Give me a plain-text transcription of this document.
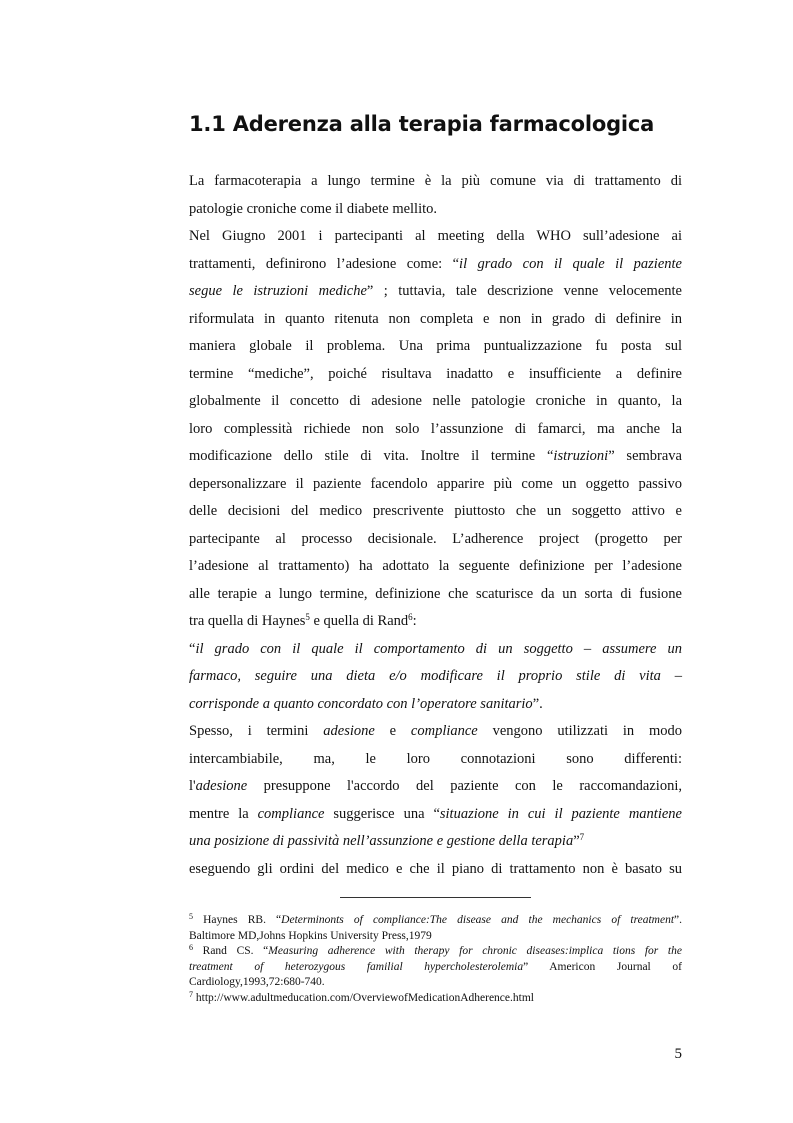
1.1 Aderenza alla terapia farmacologica
La farmacoterapia a lungo termine è la più comune via di trattamento di
patologie croniche come il diabete mellito.
Nel Giugno 2001 i partecipanti al meeting della WHO sull’adesione ai
trattamenti, definirono l’adesione come: “il grado con il quale il paziente
segue le istruzioni mediche” ; tuttavia, tale descrizione venne velocemente
riformulata in quanto ritenuta non completa e non in grado di definire in
maniera globale il problema. Una prima puntualizzazione fu posta sul
termine “mediche”, poiché risultava inadatto e insufficiente a definire
globalmente il concetto di adesione nelle patologie croniche in quanto, la
loro complessità richiede non solo l’assunzione di famarci, ma anche la
modificazione dello stile di vita. Inoltre il termine “istruzioni” sembrava
depersonalizzare il paziente facendolo apparire più come un oggetto passivo
delle decisioni del medico prescrivente piuttosto che un soggetto attivo e
partecipante al processo decisionale. L’adherence project (progetto per
l’adesione al trattamento) ha adottato la seguente definizione per l’adesione
alle terapie a lungo termine, definizione che scaturisce da un sorta di fusione
tra quella di Haynes$^5$ e quella di Rand$^6$:
“il grado con il quale il comportamento di un soggetto – assumere un
farmaco, seguire una dieta e/o modificare il proprio stile di vita –
corrisponde a quanto concordato con l’operatore sanitario”.
Spesso, i termini adesione e compliance vengono utilizzati in modo
intercambiabile, ma, le loro connotazioni sono differenti:
l'adesione presuppone l'accordo del paziente con le raccomandazioni,
mentre la compliance suggerisce una “situazione in cui il paziente mantiene
una posizione di passività nell’assunzione e gestione della terapia”$^7$
eseguendo gli ordini del medico e che il piano di trattamento non è basato su
$^5$ Haynes RB. “Determinonts of compliance:The disease and the mechanics of treatment”.
Baltimore MD,Johns Hopkins University Press,1979
$^6$ Rand CS. “Measuring adherence with therapy for chronic diseases:implica tions for the
treatment of heterozygous familial hypercholesterolemia” Americon Journal of
Cardiology,1993,72:680-740.
$^7$ http://www.adultmeducation.com/OverviewofMedicationAdherence.html
5
